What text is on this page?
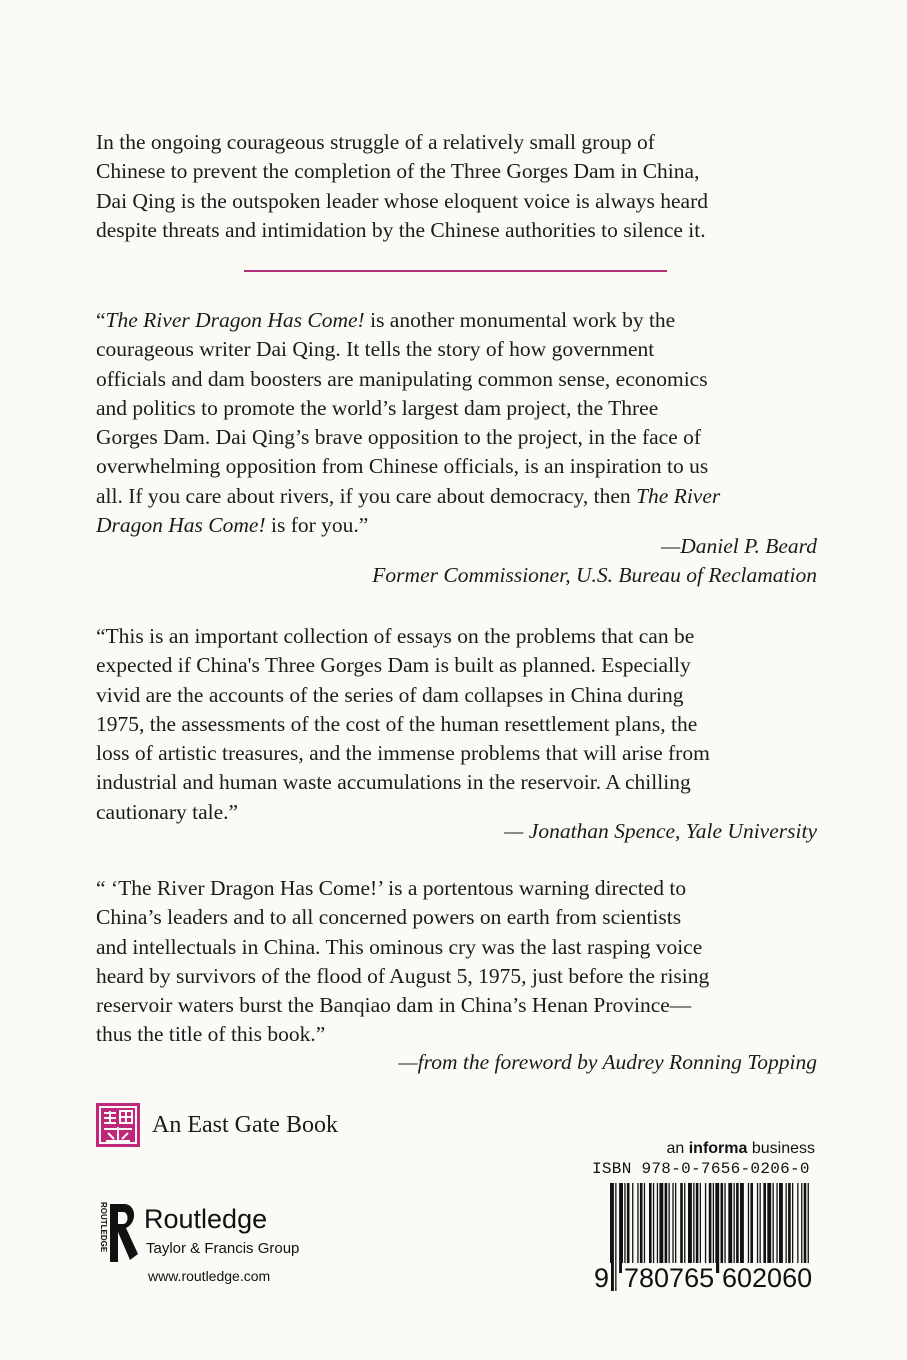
In the ongoing courageous struggle of a relatively small group of
Chinese to prevent the completion of the Three Gorges Dam in China,
Dai Qing is the outspoken leader whose eloquent voice is always heard
despite threats and intimidation by the Chinese authorities to silence it.

“The River Dragon Has Come! is another monumental work by the
courageous writer Dai Qing. It tells the story of how government
officials and dam boosters are manipulating common sense, economics
and politics to promote the world’s largest dam project, the Three
Gorges Dam. Dai Qing’s brave opposition to the project, in the face of
overwhelming opposition from Chinese officials, is an inspiration to us
all. If you care about rivers, if you care about democracy, then The River
Dragon Has Come! is for you.”

—Daniel P. Beard
Former Commissioner, U.S. Bureau of Reclamation

“This is an important collection of essays on the problems that can be
expected if China's Three Gorges Dam is built as planned. Especially
vivid are the accounts of the series of dam collapses in China during
1975, the assessments of the cost of the human resettlement plans, the
loss of artistic treasures, and the immense problems that will arise from
industrial and human waste accumulations in the reservoir. A chilling
cautionary tale.”

— Jonathan Spence, Yale University

“ ‘The River Dragon Has Come!’ is a portentous warning directed to
China’s leaders and to all concerned powers on earth from scientists
and intellectuals in China. This ominous cry was the last rasping voice
heard by survivors of the flood of August 5, 1975, just before the rising
reservoir waters burst the Banqiao dam in China’s Henan Province—
thus the title of this book.”

—from the foreword by Audrey Ronning Topping
An East Gate Book
ROUTLEDGE Routledge
Taylor & Francis Group
www.routledge.com
an informa business
ISBN 978-0-7656-0206-0
9 780765 602060
